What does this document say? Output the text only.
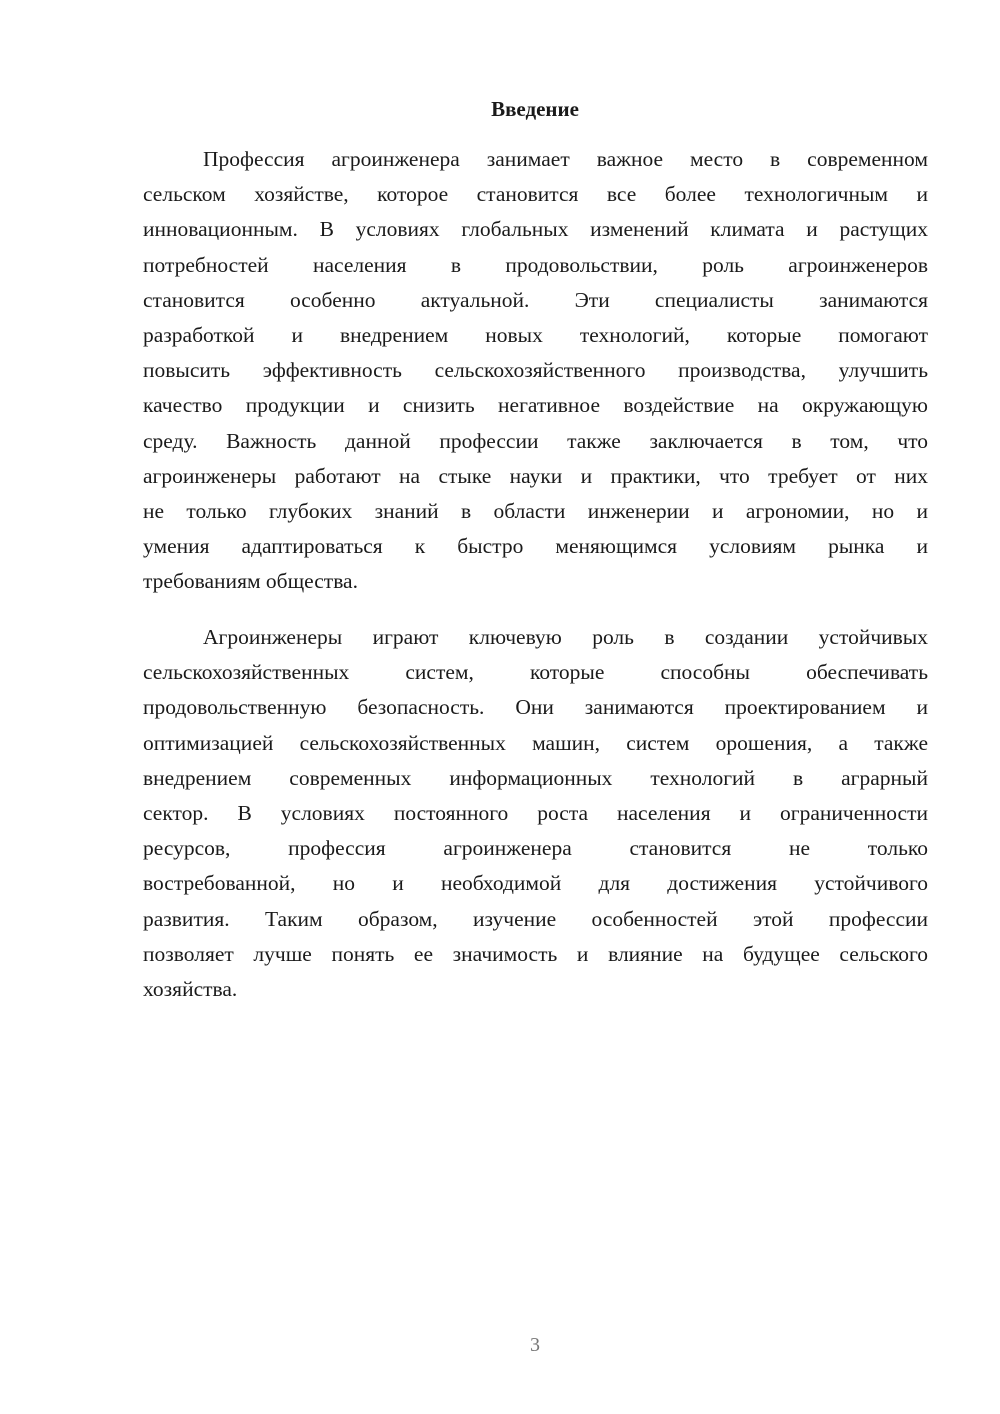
Введение
Профессия агроинженера занимает важное место в современном
сельском хозяйстве, которое становится все более технологичным и
инновационным. В условиях глобальных изменений климата и растущих
потребностей населения в продовольствии, роль агроинженеров
становится особенно актуальной. Эти специалисты занимаются
разработкой и внедрением новых технологий, которые помогают
повысить эффективность сельскохозяйственного производства, улучшить
качество продукции и снизить негативное воздействие на окружающую
среду. Важность данной профессии также заключается в том, что
агроинженеры работают на стыке науки и практики, что требует от них
не только глубоких знаний в области инженерии и агрономии, но и
умения адаптироваться к быстро меняющимся условиям рынка и
требованиям общества.
Агроинженеры играют ключевую роль в создании устойчивых
сельскохозяйственных систем, которые способны обеспечивать
продовольственную безопасность. Они занимаются проектированием и
оптимизацией сельскохозяйственных машин, систем орошения, а также
внедрением современных информационных технологий в аграрный
сектор. В условиях постоянного роста населения и ограниченности
ресурсов, профессия агроинженера становится не только
востребованной, но и необходимой для достижения устойчивого
развития. Таким образом, изучение особенностей этой профессии
позволяет лучше понять ее значимость и влияние на будущее сельского
хозяйства.
3
